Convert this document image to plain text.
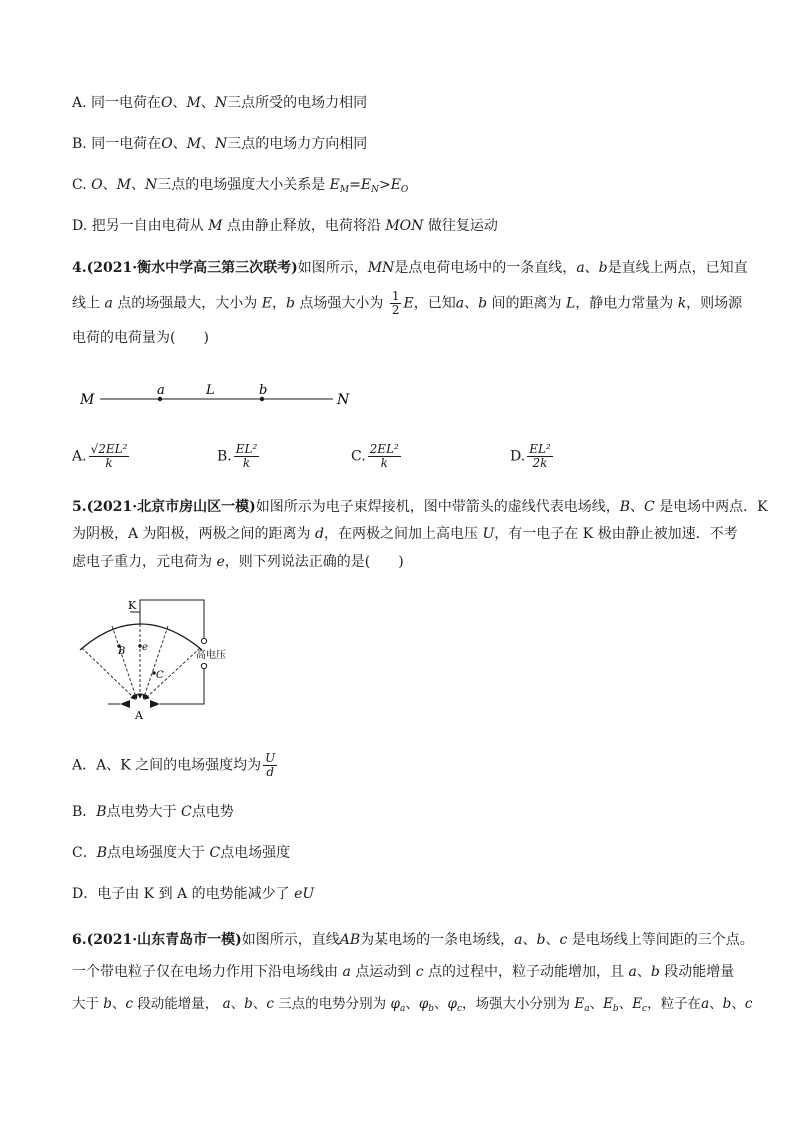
A. 同一电荷在O、M、N三点所受的电场力相同
B. 同一电荷在O、M、N三点的电场力方向相同
C. O、M、N三点的电场强度大小关系是 $E_M=E_N>E_O$
D. 把另一自由电荷从 M 点由静止释放，电荷将沿 MON 做往复运动
4.(2021·衡水中学高三第三次联考)如图所示，MN是点电荷电场中的一条直线，a、b是直线上两点，已知直
线上 a 点的场强最大，大小为 E，b 点场强大小为 $\frac{1}{2}$ E，已知a、b 间的距离为 L，静电力常量为 k，则场源
电荷的电荷量为(　　)
M
a	L	b
N
A. $\frac{\text{√2EL²}}{k}$	B. $\frac{\text{EL²}}{k}$	C. $\frac{\text{2EL²}}{k}$	D. $\frac{\text{EL²}}{2k}$
5.(2021·北京市房山区一模)如图所示为电子束焊接机，图中带箭头的虚线代表电场线，B、C 是电场中两点．K
为阴极，A 为阳极，两极之间的距离为 d，在两极之间加上高电压 U，有一电子在 K 极由静止被加速．不考
虑电子重力，元电荷为 e，则下列说法正确的是(　　)
K
B e
C
A
高电压
A．A、K 之间的电场强度均为 $\frac{U}{d}$
B．B点电势大于 C点电势
C．B点电场强度大于 C点电场强度
D．电子由 K 到 A 的电势能减少了 eU
6.(2021·山东青岛市一模)如图所示，直线AB为某电场的一条电场线，a、b、c 是电场线上等间距的三个点。
一个带电粒子仅在电场力作用下沿电场线由 a 点运动到 c 点的过程中，粒子动能增加，且 a、b 段动能增量
大于 b、c 段动能增量， a、b、c 三点的电势分别为 $\varphi_a$、$\varphi_b$、$\varphi_c$，场强大小分别为 $E_a$、$E_b$、$E_c$，粒子在a、b、c
